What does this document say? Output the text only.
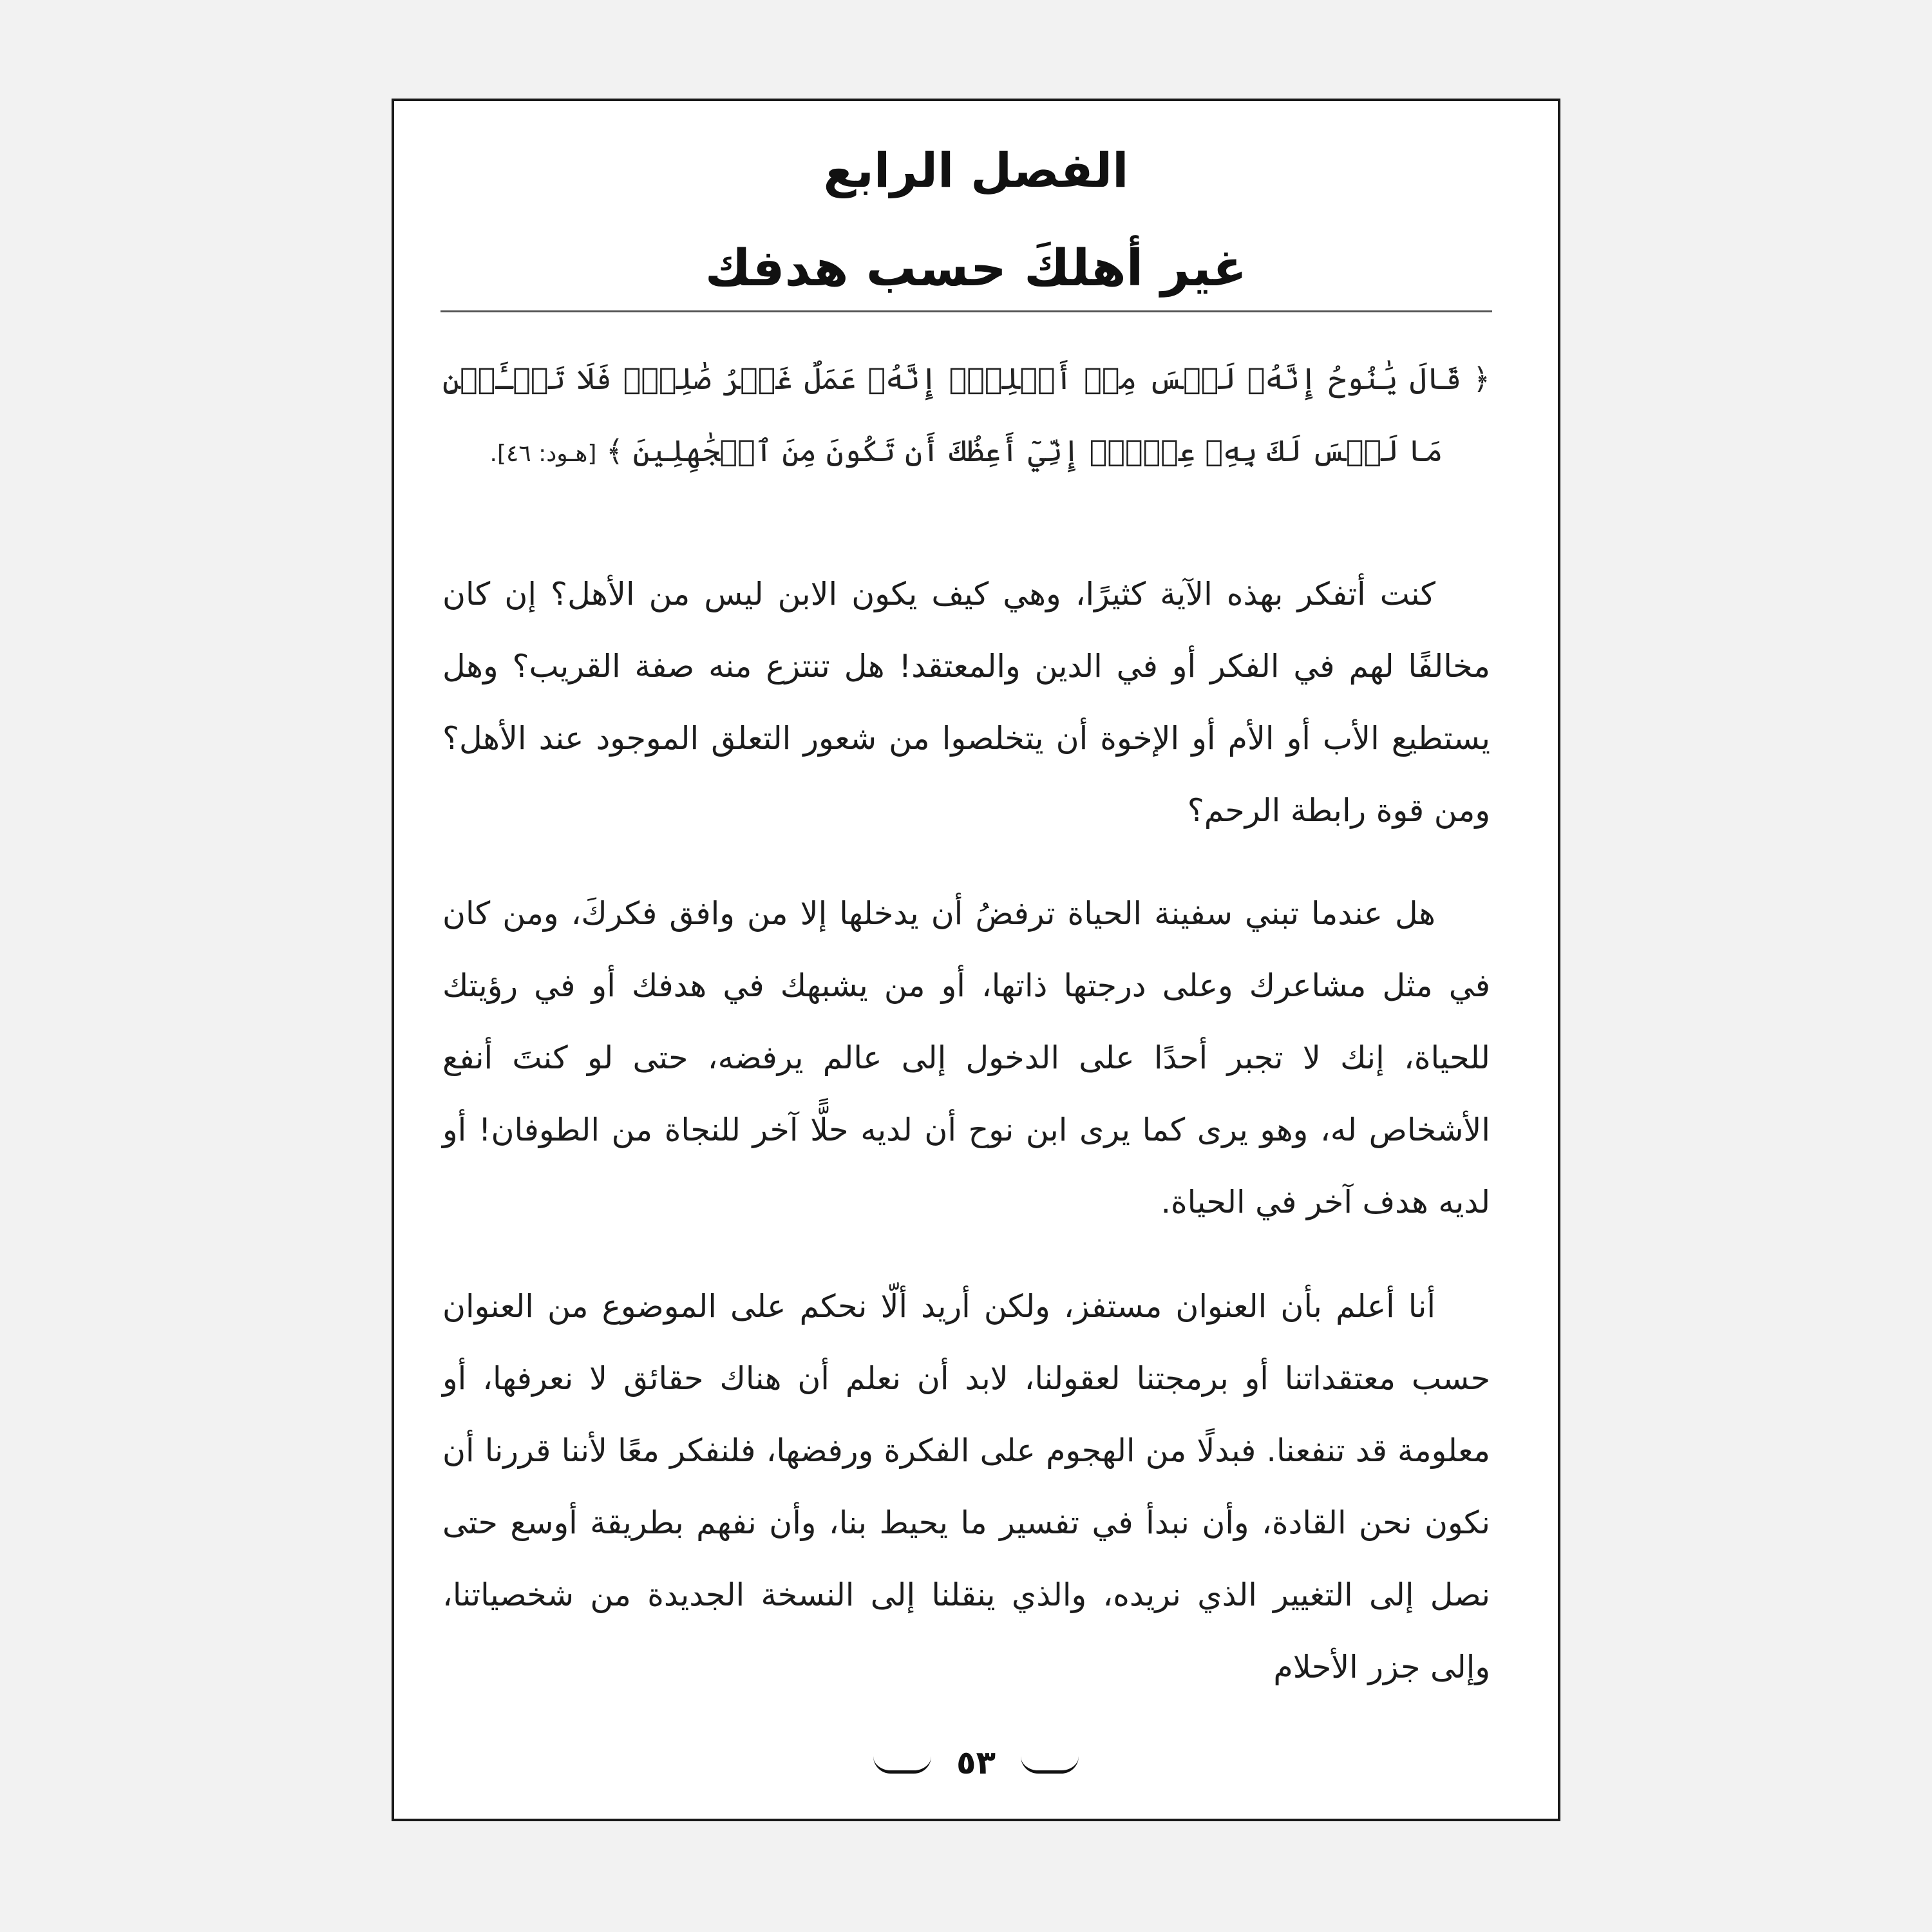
الفصل الرابع
غير أهلكَ حسب هدفك
﴿ قَالَ يَٰنُوحُ إِنَّهُۥ لَيۡسَ مِنۡ أَهۡلِكَۖ إِنَّهُۥ عَمَلٌ غَيۡرُ صَٰلِحٖۖ فَلَا تَسۡـَٔلۡنِ مَا لَيۡسَ لَكَ بِهِۦ عِلۡمٌۖ إِنِّيٓ أَعِظُكَ أَن تَكُونَ مِنَ ٱلۡجَٰهِلِينَ ﴾ [هـود: ٤٦].

كنت أتفكر بهذه الآية كثيرًا، وهي كيف يكون الابن ليس من الأهل؟ إن كان مخالفًا لهم في الفكر أو في الدين والمعتقد! هل تنتزع منه صفة القريب؟ وهل يستطيع الأب أو الأم أو الإخوة أن يتخلصوا من شعور التعلق الموجود عند الأهل؟ ومن قوة رابطة الرحم؟

هل عندما تبني سفينة الحياة ترفضُ أن يدخلها إلا من وافق فكركَ، ومن كان في مثل مشاعرك وعلى درجتها ذاتها، أو من يشبهك في هدفك أو في رؤيتك للحياة، إنك لا تجبر أحدًا على الدخول إلى عالم يرفضه، حتى لو كنتَ أنفع الأشخاص له، وهو يرى كما يرى ابن نوح أن لديه حلًّا آخر للنجاة من الطوفان! أو لديه هدف آخر في الحياة.

أنا أعلم بأن العنوان مستفز، ولكن أريد ألّا نحكم على الموضوع من العنوان حسب معتقداتنا أو برمجتنا لعقولنا، لابد أن نعلم أن هناك حقائق لا نعرفها، أو معلومة قد تنفعنا. فبدلًا من الهجوم على الفكرة ورفضها، فلنفكر معًا لأننا قررنا أن نكون نحن القادة، وأن نبدأ في تفسير ما يحيط بنا، وأن نفهم بطريقة أوسع حتى نصل إلى التغيير الذي نريده، والذي ينقلنا إلى النسخة الجديدة من شخصياتنا، وإلى جزر الأحلام

٥٣
